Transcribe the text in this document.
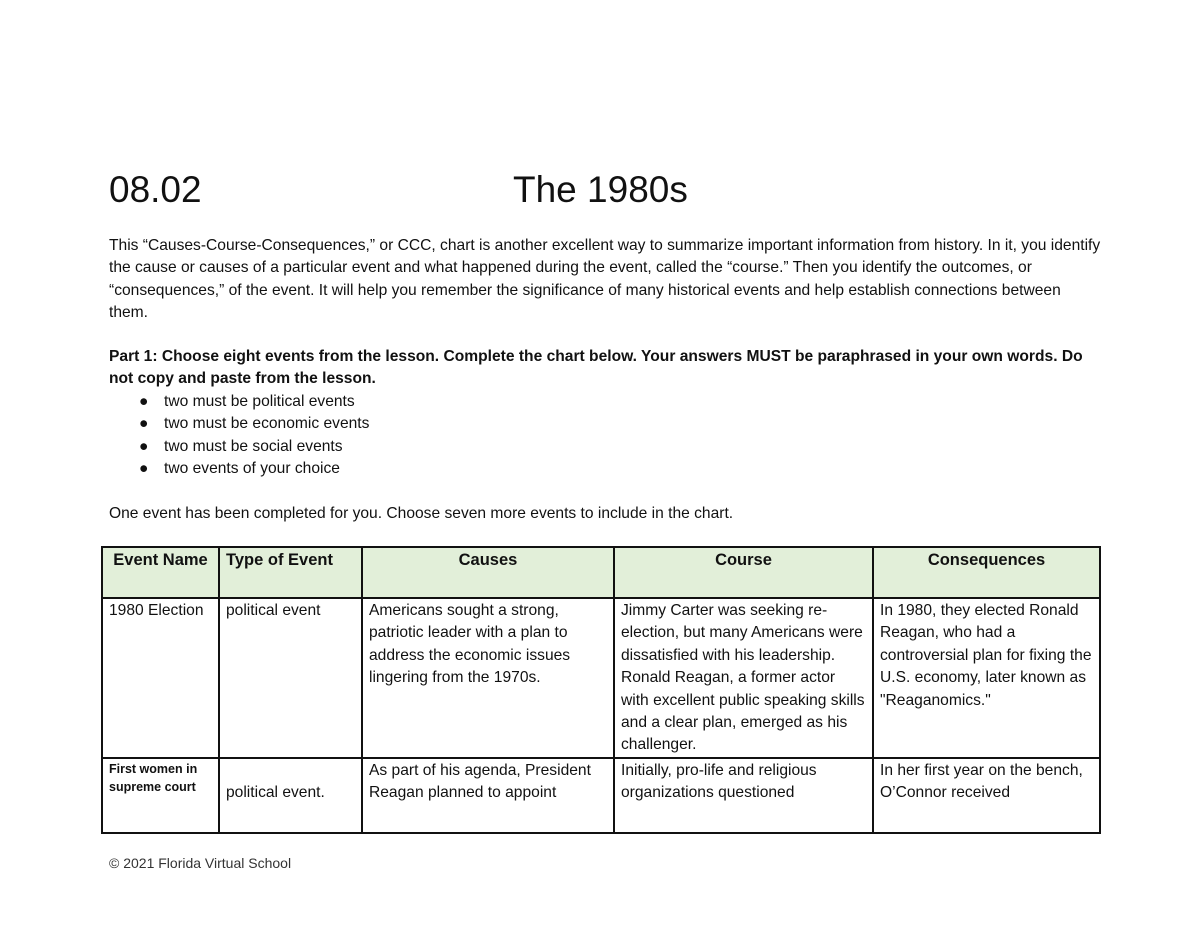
08.02	The 1980s
This “Causes-Course-Consequences,” or CCC, chart is another excellent way to summarize important information from history. In it, you identify the cause or causes of a particular event and what happened during the event, called the “course.” Then you identify the outcomes, or “consequences,” of the event. It will help you remember the significance of many historical events and help establish connections between them.
Part 1: Choose eight events from the lesson. Complete the chart below. Your answers MUST be paraphrased in your own words. Do not copy and paste from the lesson.
● two must be political events
● two must be economic events
● two must be social events
● two events of your choice
One event has been completed for you. Choose seven more events to include in the chart.
Event Name	Type of Event	Causes	Course	Consequences
1980 Election	political event	Americans sought a strong, patriotic leader with a plan to address the economic issues lingering from the 1970s.	Jimmy Carter was seeking re-election, but many Americans were dissatisfied with his leadership. Ronald Reagan, a former actor with excellent public speaking skills and a clear plan, emerged as his challenger.	In 1980, they elected Ronald Reagan, who had a controversial plan for fixing the U.S. economy, later known as "Reaganomics."
First women in supreme court	political event.	As part of his agenda, President Reagan planned to appoint	Initially, pro-life and religious organizations questioned	In her first year on the bench, O’Connor received
© 2021 Florida Virtual School
